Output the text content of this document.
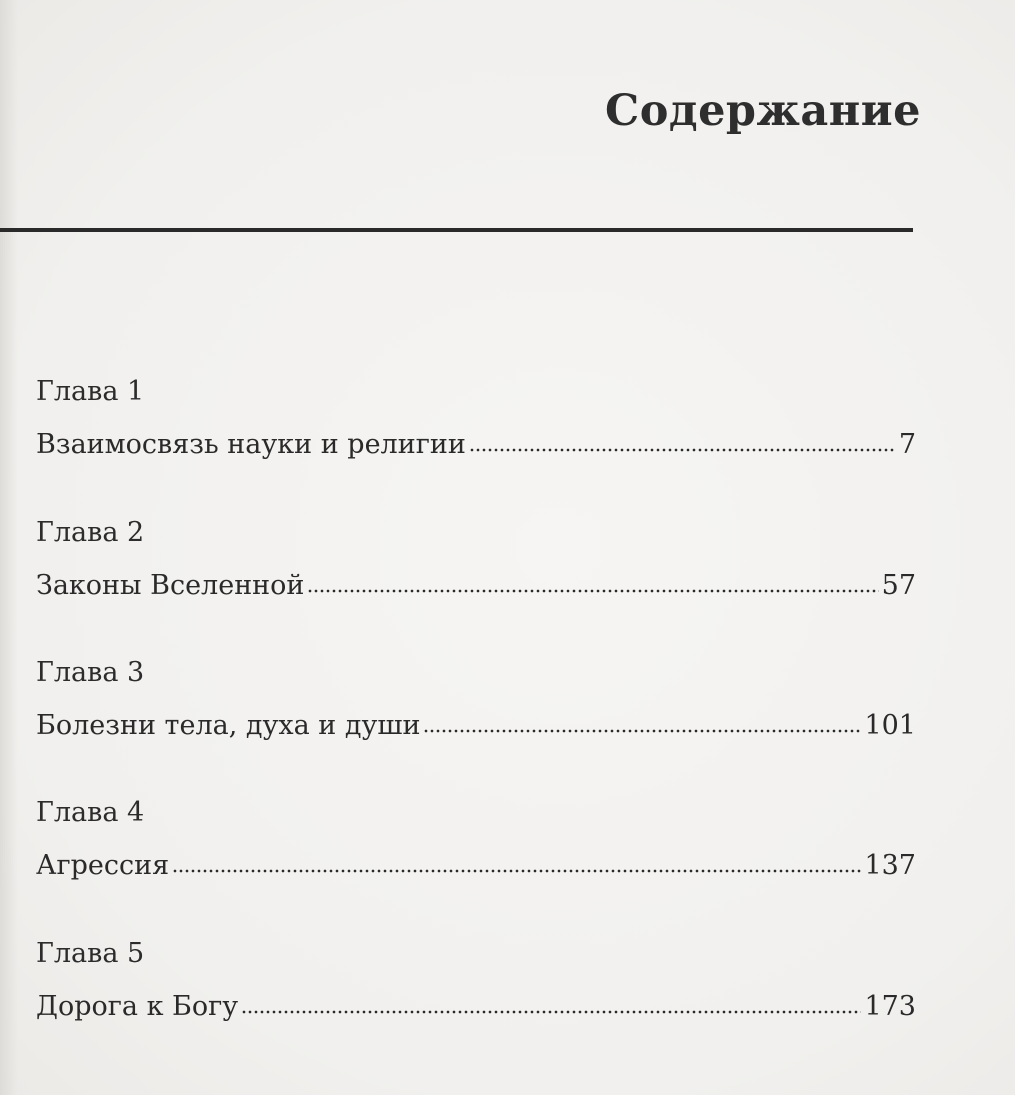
Содержание
Глава 1
Взаимосвязь науки и религии	7
Глава 2
Законы Вселенной	57
Глава 3
Болезни тела, духа и души	101
Глава 4
Агрессия	137
Глава 5
Дорога к Богу	173
